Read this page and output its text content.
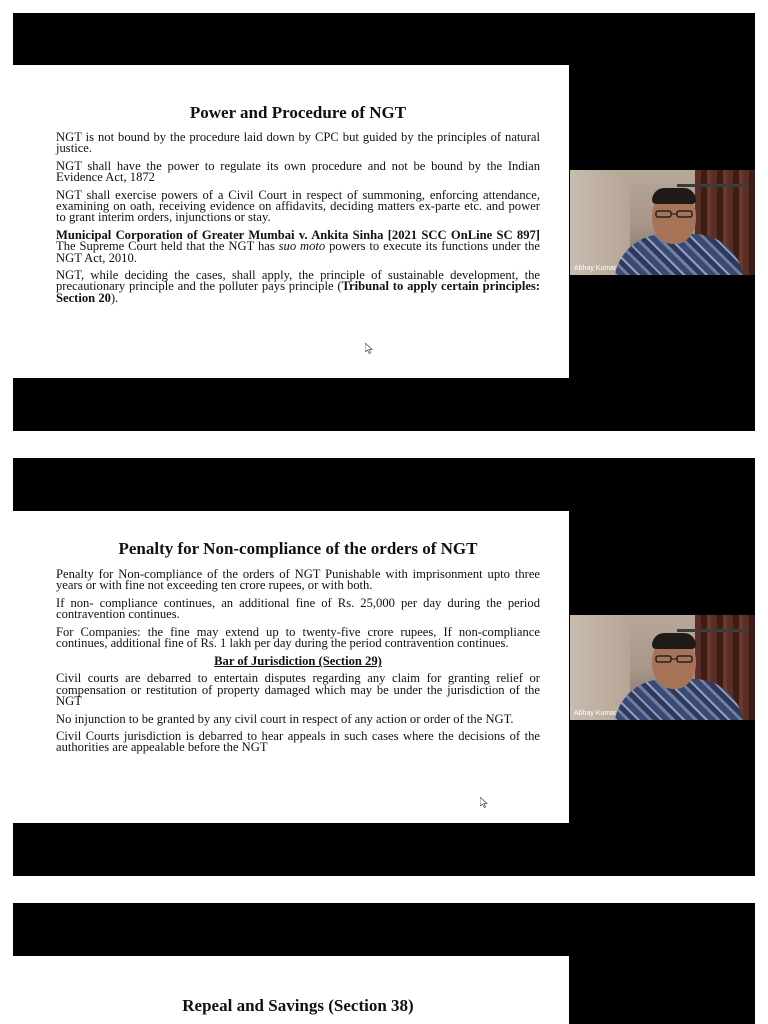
Power and Procedure of NGT

NGT is not bound by the procedure laid down by CPC but guided by the principles of natural justice.

NGT shall have the power to regulate its own procedure and not be bound by the Indian Evidence Act, 1872

NGT shall exercise powers of a Civil Court in respect of summoning, enforcing attendance, examining on oath, receiving evidence on affidavits, deciding matters ex-parte etc. and power to grant interim orders, injunctions or stay.

Municipal Corporation of Greater Mumbai v. Ankita Sinha [2021 SCC OnLine SC 897] The Supreme Court held that the NGT has suo moto powers to execute its functions under the NGT Act, 2010.

NGT, while deciding the cases, shall apply, the principle of sustainable development, the precautionary principle and the polluter pays principle (Tribunal to apply certain principles: Section 20).

Abhay Kumar
Penalty for Non-compliance of the orders of NGT

Penalty for Non-compliance of the orders of NGT Punishable with imprisonment upto three years or with fine not exceeding ten crore rupees, or with both.

If non- compliance continues, an additional fine of Rs. 25,000 per day during the period contravention continues.

For Companies: the fine may extend up to twenty-five crore rupees, If non-compliance continues, additional fine of Rs. 1 lakh per day during the period contravention continues.

Bar of Jurisdiction (Section 29)

Civil courts are debarred to entertain disputes regarding any claim for granting relief or compensation or restitution of property damaged which may be under the jurisdiction of the NGT

No injunction to be granted by any civil court in respect of any action or order of the NGT.

Civil Courts jurisdiction is debarred to hear appeals in such cases where the decisions of the authorities are appealable before the NGT

Abhay Kumar
Repeal and Savings (Section 38)
